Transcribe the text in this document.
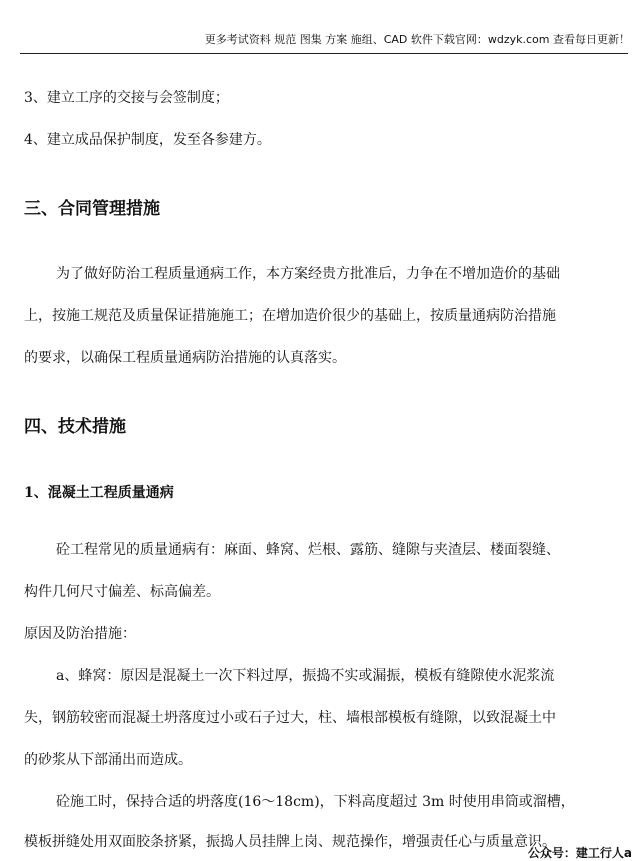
更多考试资料 规范 图集 方案 施组、CAD 软件下载官网：wdzyk.com 查看每日更新！
3、建立工序的交接与会签制度；
4、建立成品保护制度，发至各参建方。
三、合同管理措施
为了做好防治工程质量通病工作，本方案经贵方批准后，力争在不增加造价的基础
上，按施工规范及质量保证措施施工；在增加造价很少的基础上，按质量通病防治措施
的要求，以确保工程质量通病防治措施的认真落实。
四、技术措施
1、混凝土工程质量通病
砼工程常见的质量通病有：麻面、蜂窝、烂根、露筋、缝隙与夹渣层、楼面裂缝、
构件几何尺寸偏差、标高偏差。
原因及防治措施：
a、蜂窝：原因是混凝土一次下料过厚，振捣不实或漏振，模板有缝隙使水泥浆流
失，钢筋较密而混凝土坍落度过小或石子过大，柱、墙根部模板有缝隙，以致混凝土中
的砂浆从下部涌出而造成。
砼施工时，保持合适的坍落度(16～18cm)，下料高度超过 3m 时使用串筒或溜槽，
模板拼缝处用双面胶条挤紧，振捣人员挂牌上岗、规范操作，增强责任心与质量意识。
公众号：建工行人a
